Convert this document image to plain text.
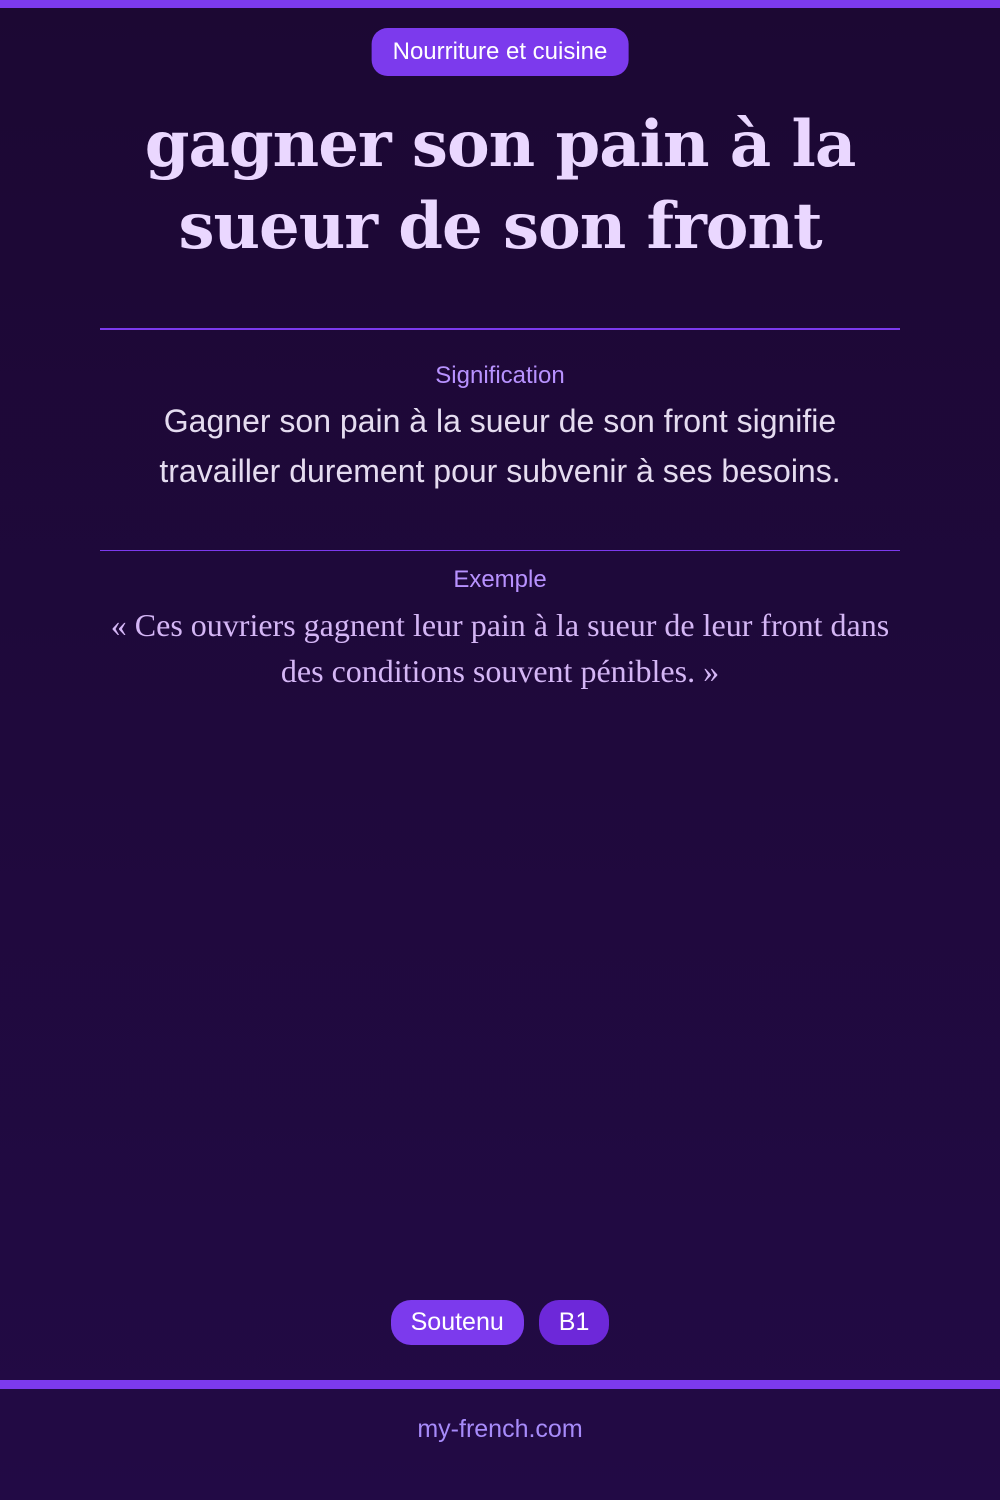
Nourriture et cuisine
gagner son pain à la sueur de son front
Signification
Gagner son pain à la sueur de son front signifie travailler durement pour subvenir à ses besoins.
Exemple
« Ces ouvriers gagnent leur pain à la sueur de leur front dans des conditions souvent pénibles. »
Soutenu	B1
my-french.com
